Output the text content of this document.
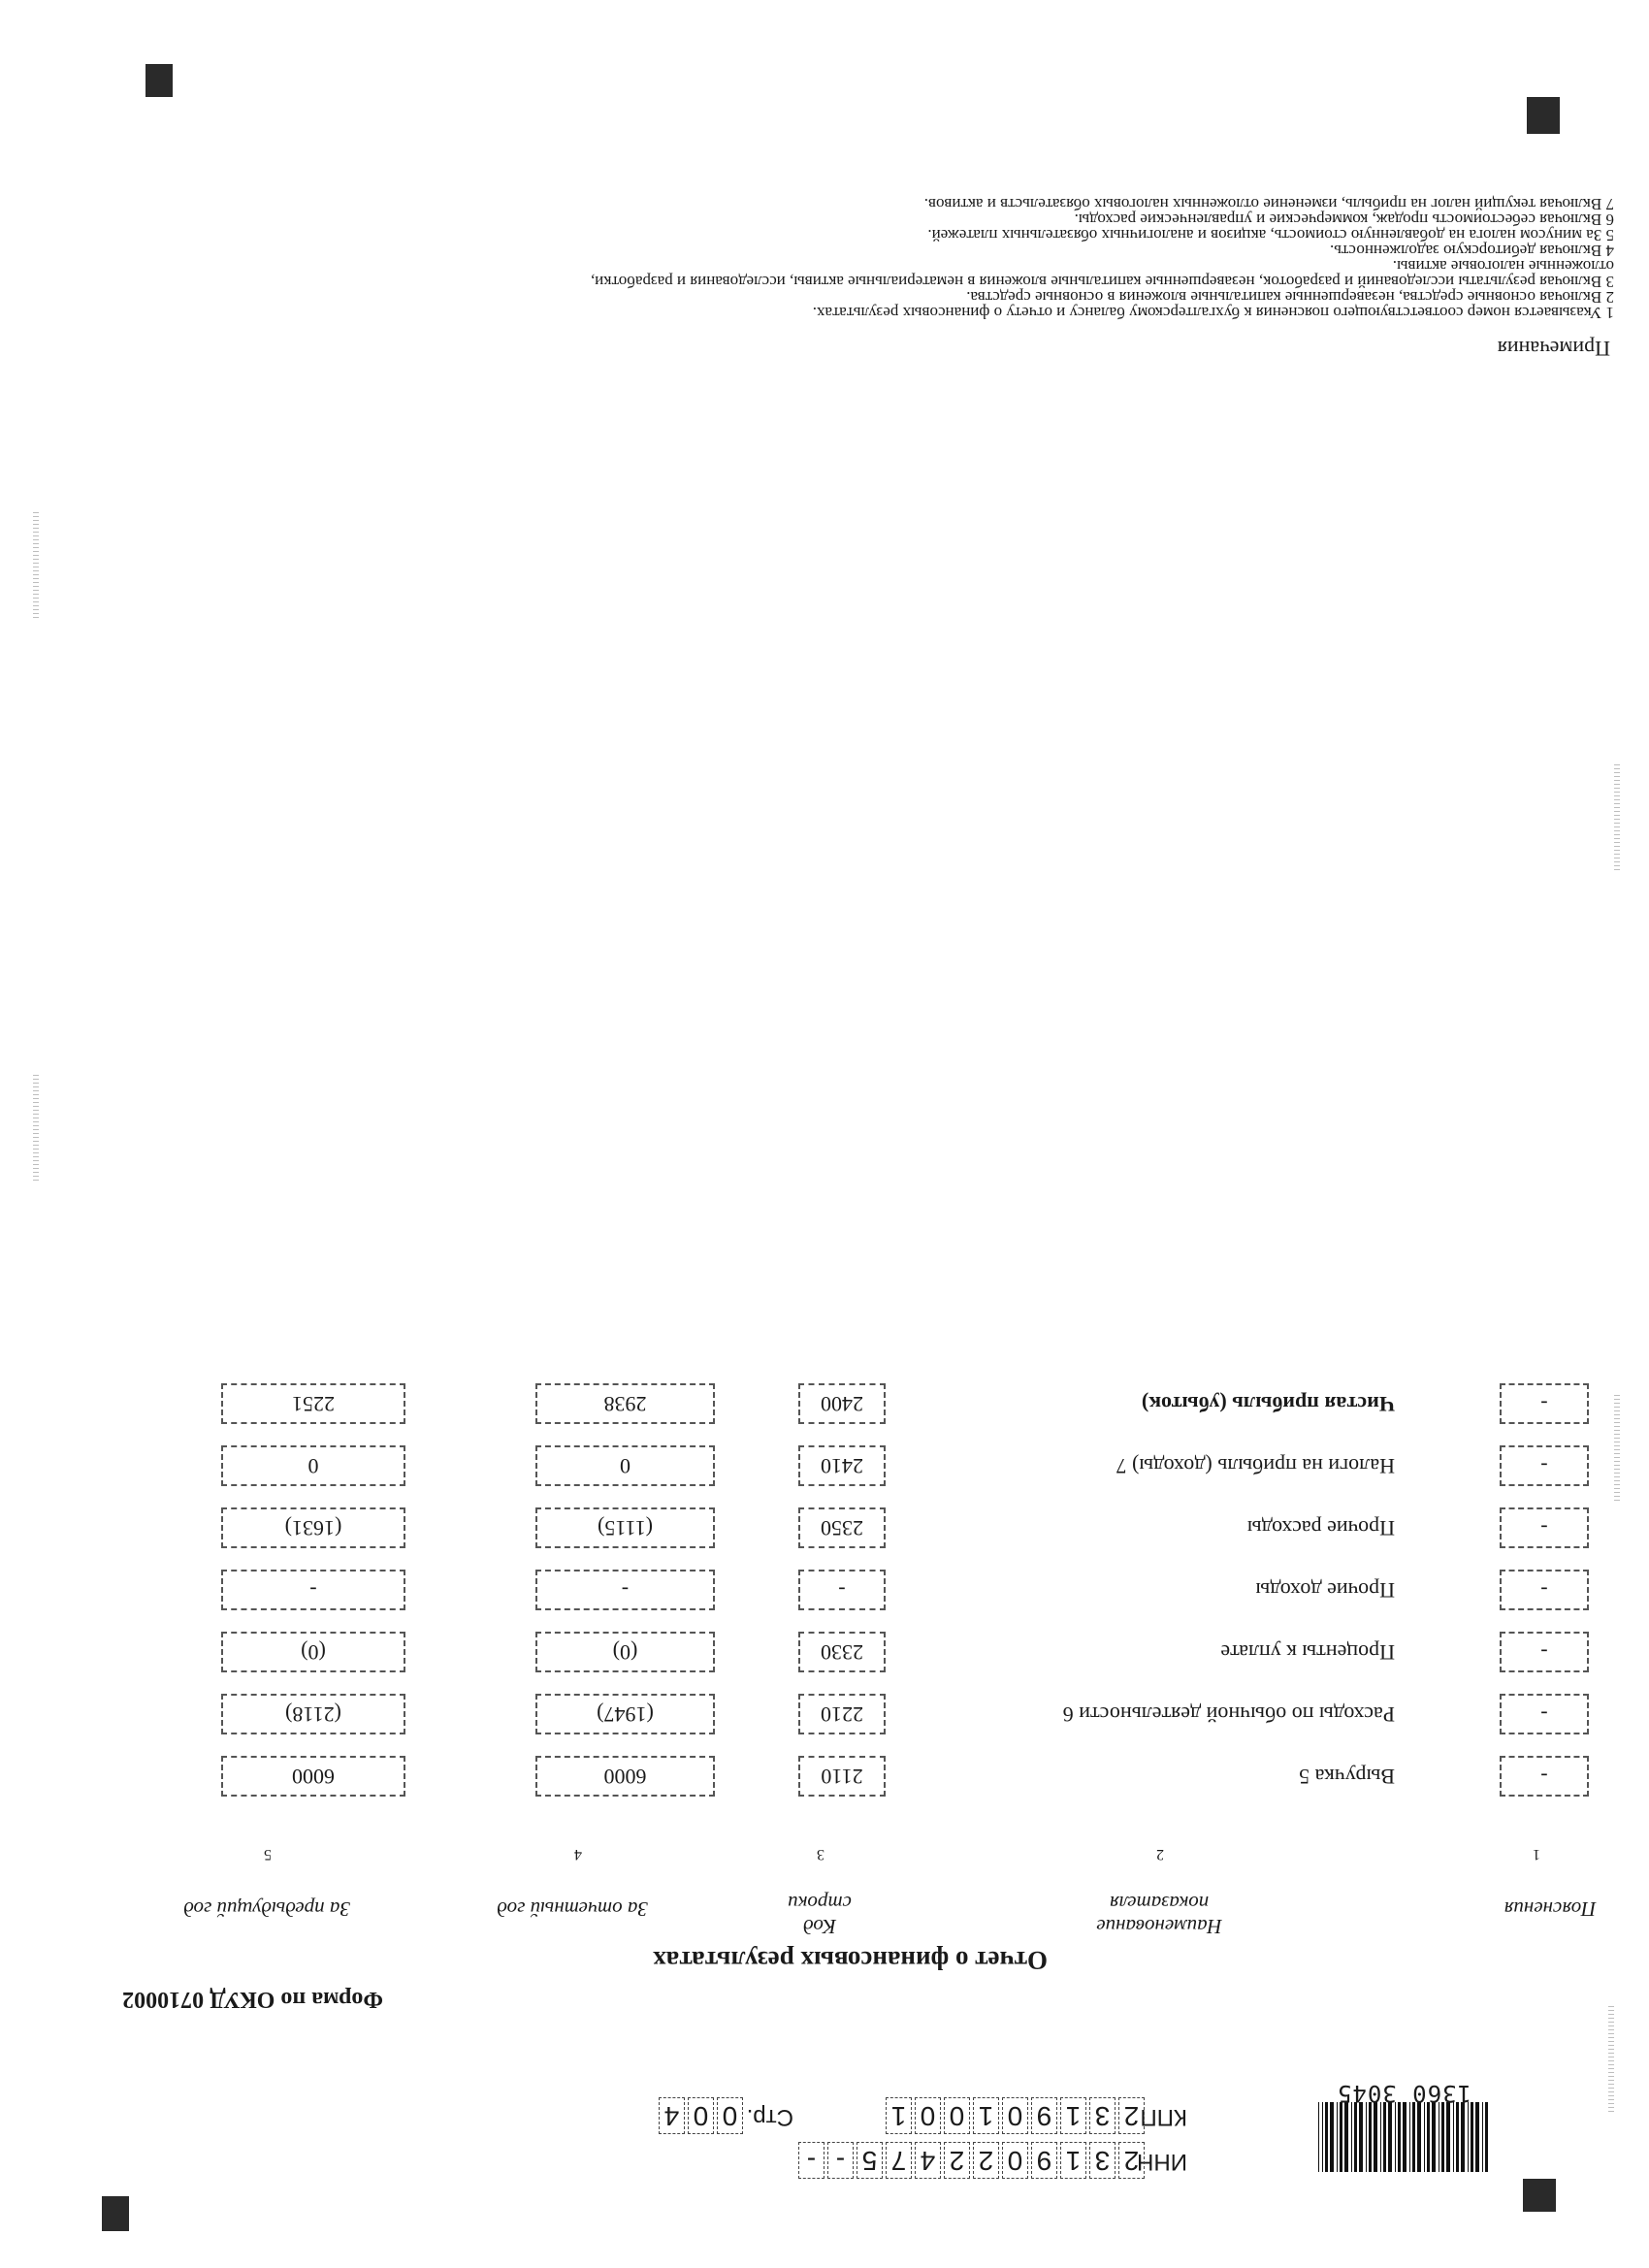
1360 3045
ИНН
2
3
1
9
0
2
2
4
7
5
-
-
КПП
2
3
1
9
0
1
0
0
1
Стр.
0
0
4
Форма по ОКУД 0710002
Отчет о финансовых результатах
Пояснения
1
Наименование показателя
2
Код строки
3
За отчетный год
4
За предыдущий год
5
-
Выручка 5
2110
6000
6000
-
Расходы по обычной деятельности 6
2210
(1947)
(2118)
-
Проценты к уплате
2330
(0)
(0)
-
Прочие доходы
-
-
-
-
Прочие расходы
2350
(1115)
(1631)
-
Налоги на прибыль (доходы) 7
2410
0
0
-
Чистая прибыль (убыток)
2400
2938
2251
Примечания
1 Указывается номер соответствующего пояснения к бухгалтерскому балансу и отчету о финансовых результатах.
2 Включая основные средства, незавершенные капитальные вложения в основные средства.
3 Включая результаты исследований и разработок, незавершенные капитальные вложения в нематериальные активы, исследования и разработки,
отложенные налоговые активы.
4 Включая дебиторскую задолженность.
5 За минусом налога на добавленную стоимость, акцизов и аналогичных обязательных платежей.
6 Включая себестоимость продаж, коммерческие и управленческие расходы.
7 Включая текущий налог на прибыль, изменение отложенных налоговых обязательств и активов.
